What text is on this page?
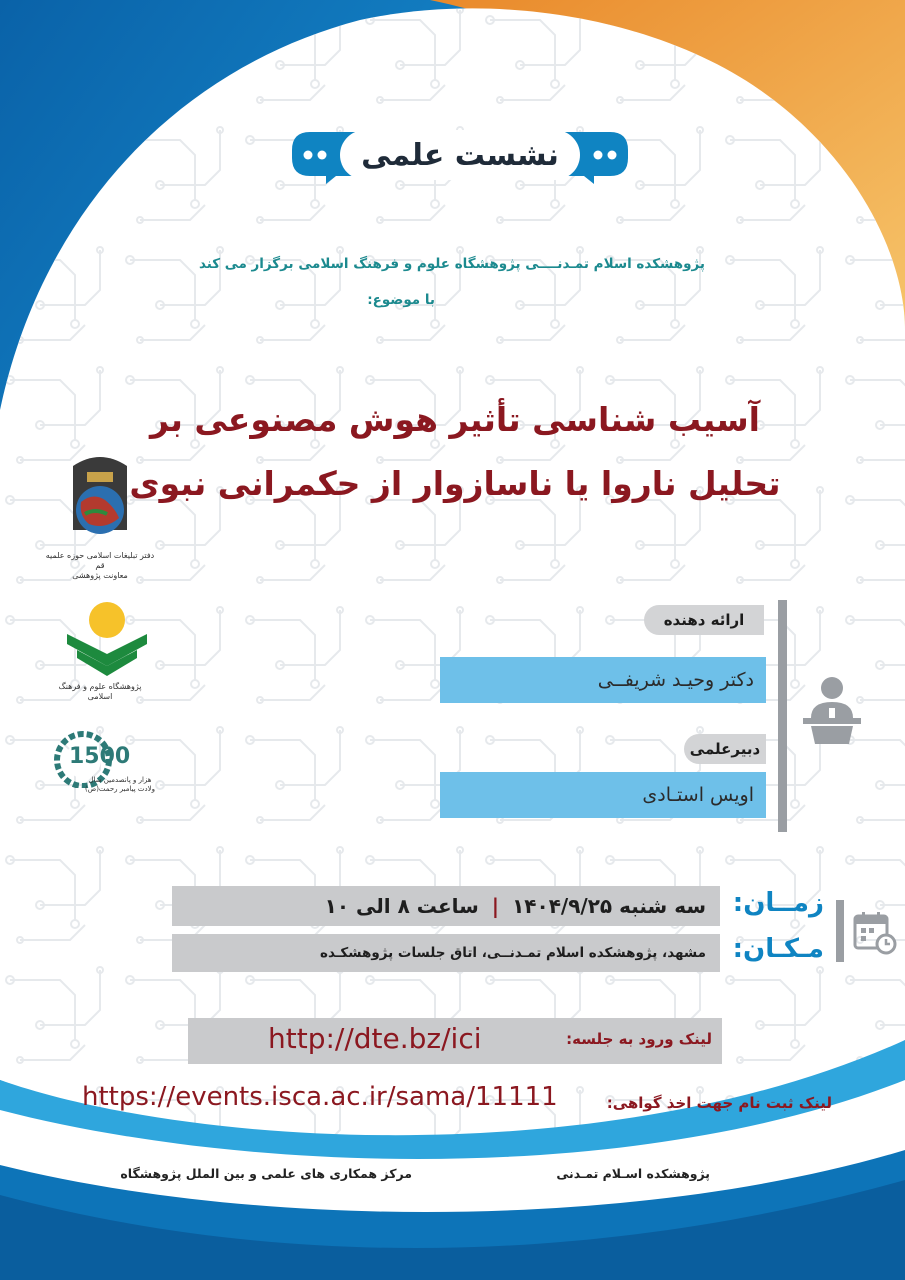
نشست علمی
پژوهشکده اسلام تمـدنــــی پژوهشگاه علوم و فرهنگ اسلامی برگزار می کند
با موضوع:
آسیب شناسی تأثیر هوش مصنوعی بر
تحلیل ناروا یا ناسازوار از حکمرانی نبوی
دفتر تبلیغات اسلامی حوزه علمیه قم
معاونت پژوهشی
پژوهشگاه علوم و فرهنگ اسلامی
1500
هزار و پانصدمین سال ولادت پیامبر رحمت(ص)
ارائه دهنده
دکتر وحیـد شریفــی
دبیرعلمی
اویس استـادی
سه شنبه ۱۴۰۴/۹/۲۵ | ساعت ۸ الی ۱۰	زمــان:
مشهد، پژوهشکده اسلام تمـدنــی، اتاق جلسات پژوهشکـده	مـکـان:
لینک ورود به جلسه:
http://dte.bz/ici
لینک ثبت نام جهت اخذ گواهی:
https://events.isca.ac.ir/sama/11111
پژوهشکده اسـلام تمـدنی
مرکز همکاری های علمی و بین الملل پژوهشگاه
